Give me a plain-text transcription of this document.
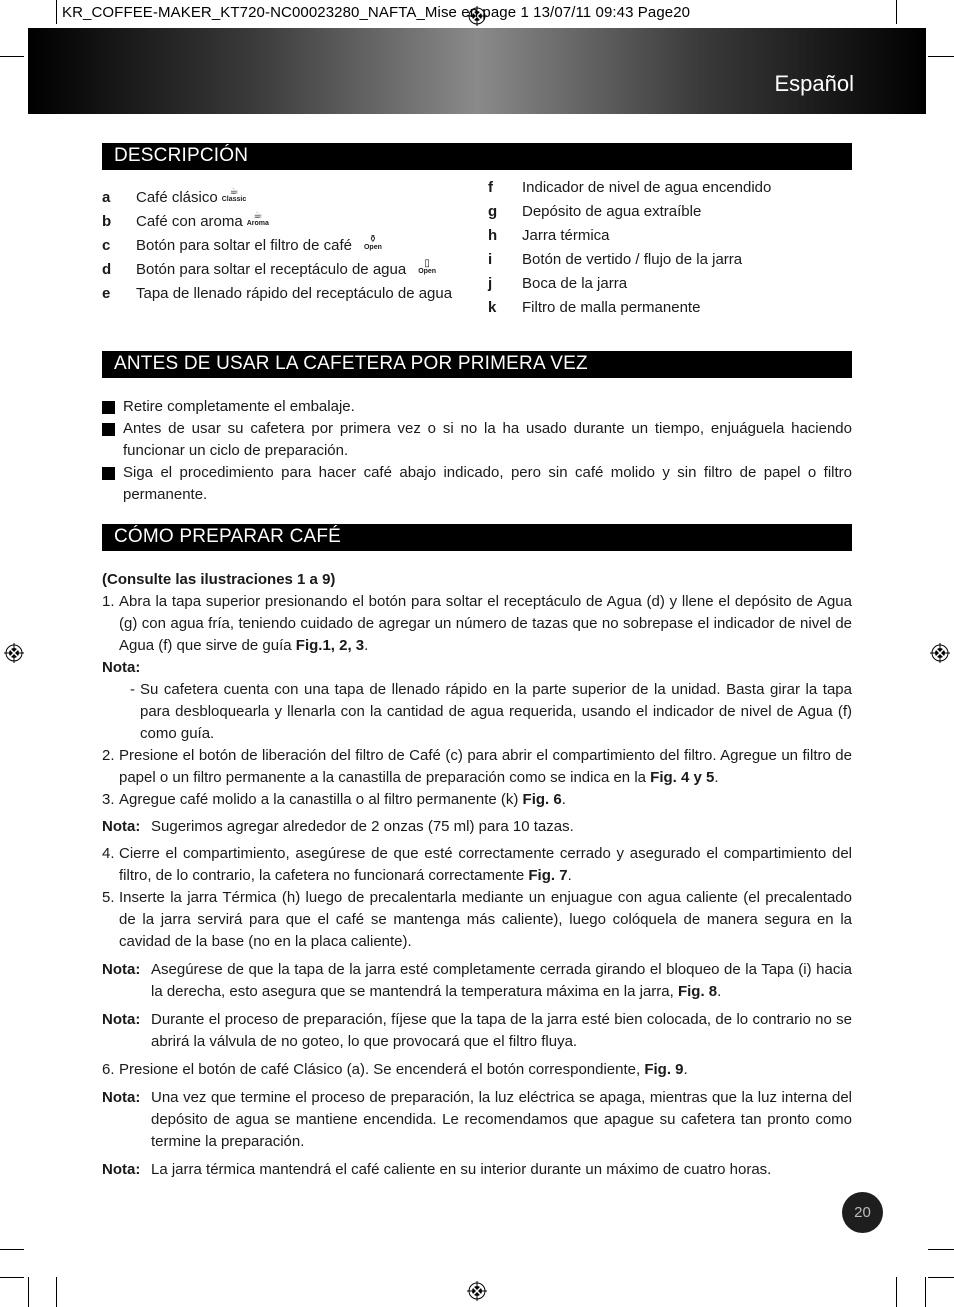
KR_COFFEE-MAKER_KT720-NC00023280_NAFTA_Mise en page 1 13/07/11 09:43 Page20
Español
DESCRIPCIÓN
a	Café clásico	☕
Classic
b	Café con aroma	☕
Aroma
c	Botón para soltar el filtro de café	⚱
Open
d	Botón para soltar el receptáculo de agua	▯
Open
e	Tapa de llenado rápido del receptáculo de agua
f	Indicador de nivel de agua encendido
g	Depósito de agua extraíble
h	Jarra térmica
i	Botón de vertido / flujo de la jarra
j	Boca de la jarra
k	Filtro de malla permanente
ANTES DE USAR LA CAFETERA POR PRIMERA VEZ
Retire completamente el embalaje.
Antes de usar su cafetera por primera vez o si no la ha usado durante un tiempo, enjuáguela haciendo funcionar un ciclo de preparación.
Siga el procedimiento para hacer café abajo indicado, pero sin café molido y sin filtro de papel o filtro permanente.
CÓMO PREPARAR CAFÉ
(Consulte las ilustraciones 1 a 9)
1. Abra la tapa superior presionando el botón para soltar el receptáculo de Agua (d) y llene el depósito de Agua (g) con agua fría, teniendo cuidado de agregar un número de tazas que no sobrepase el indicador de nivel de Agua (f) que sirve de guía Fig.1, 2, 3.
Nota:
- Su cafetera cuenta con una tapa de llenado rápido en la parte superior de la unidad. Basta girar la tapa para desbloquearla y llenarla con la cantidad de agua requerida, usando el indicador de nivel de Agua (f) como guía.
2. Presione el botón de liberación del filtro de Café (c) para abrir el compartimiento del filtro. Agregue un filtro de papel o un filtro permanente a la canastilla de preparación como se indica en la Fig. 4 y 5.
3. Agregue café molido a la canastilla o al filtro permanente (k) Fig. 6.
Nota: Sugerimos agregar alrededor de 2 onzas (75 ml) para 10 tazas.
4. Cierre el compartimiento, asegúrese de que esté correctamente cerrado y asegurado el compartimiento del filtro, de lo contrario, la cafetera no funcionará correctamente Fig. 7.
5. Inserte la jarra Térmica (h) luego de precalentarla mediante un enjuague con agua caliente (el precalentado de la jarra servirá para que el café se mantenga más caliente), luego colóquela de manera segura en la cavidad de la base (no en la placa caliente).
Nota: Asegúrese de que la tapa de la jarra esté completamente cerrada girando el bloqueo de la Tapa (i) hacia la derecha, esto asegura que se mantendrá la temperatura máxima en la jarra, Fig. 8.
Nota: Durante el proceso de preparación, fíjese que la tapa de la jarra esté bien colocada, de lo contrario no se abrirá la válvula de no goteo, lo que provocará que el filtro fluya.
6. Presione el botón de café Clásico (a). Se encenderá el botón correspondiente, Fig. 9.
Nota: Una vez que termine el proceso de preparación, la luz eléctrica se apaga, mientras que la luz interna del depósito de agua se mantiene encendida. Le recomendamos que apague su cafetera tan pronto como termine la preparación.
Nota: La jarra térmica mantendrá el café caliente en su interior durante un máximo de cuatro horas.
20
